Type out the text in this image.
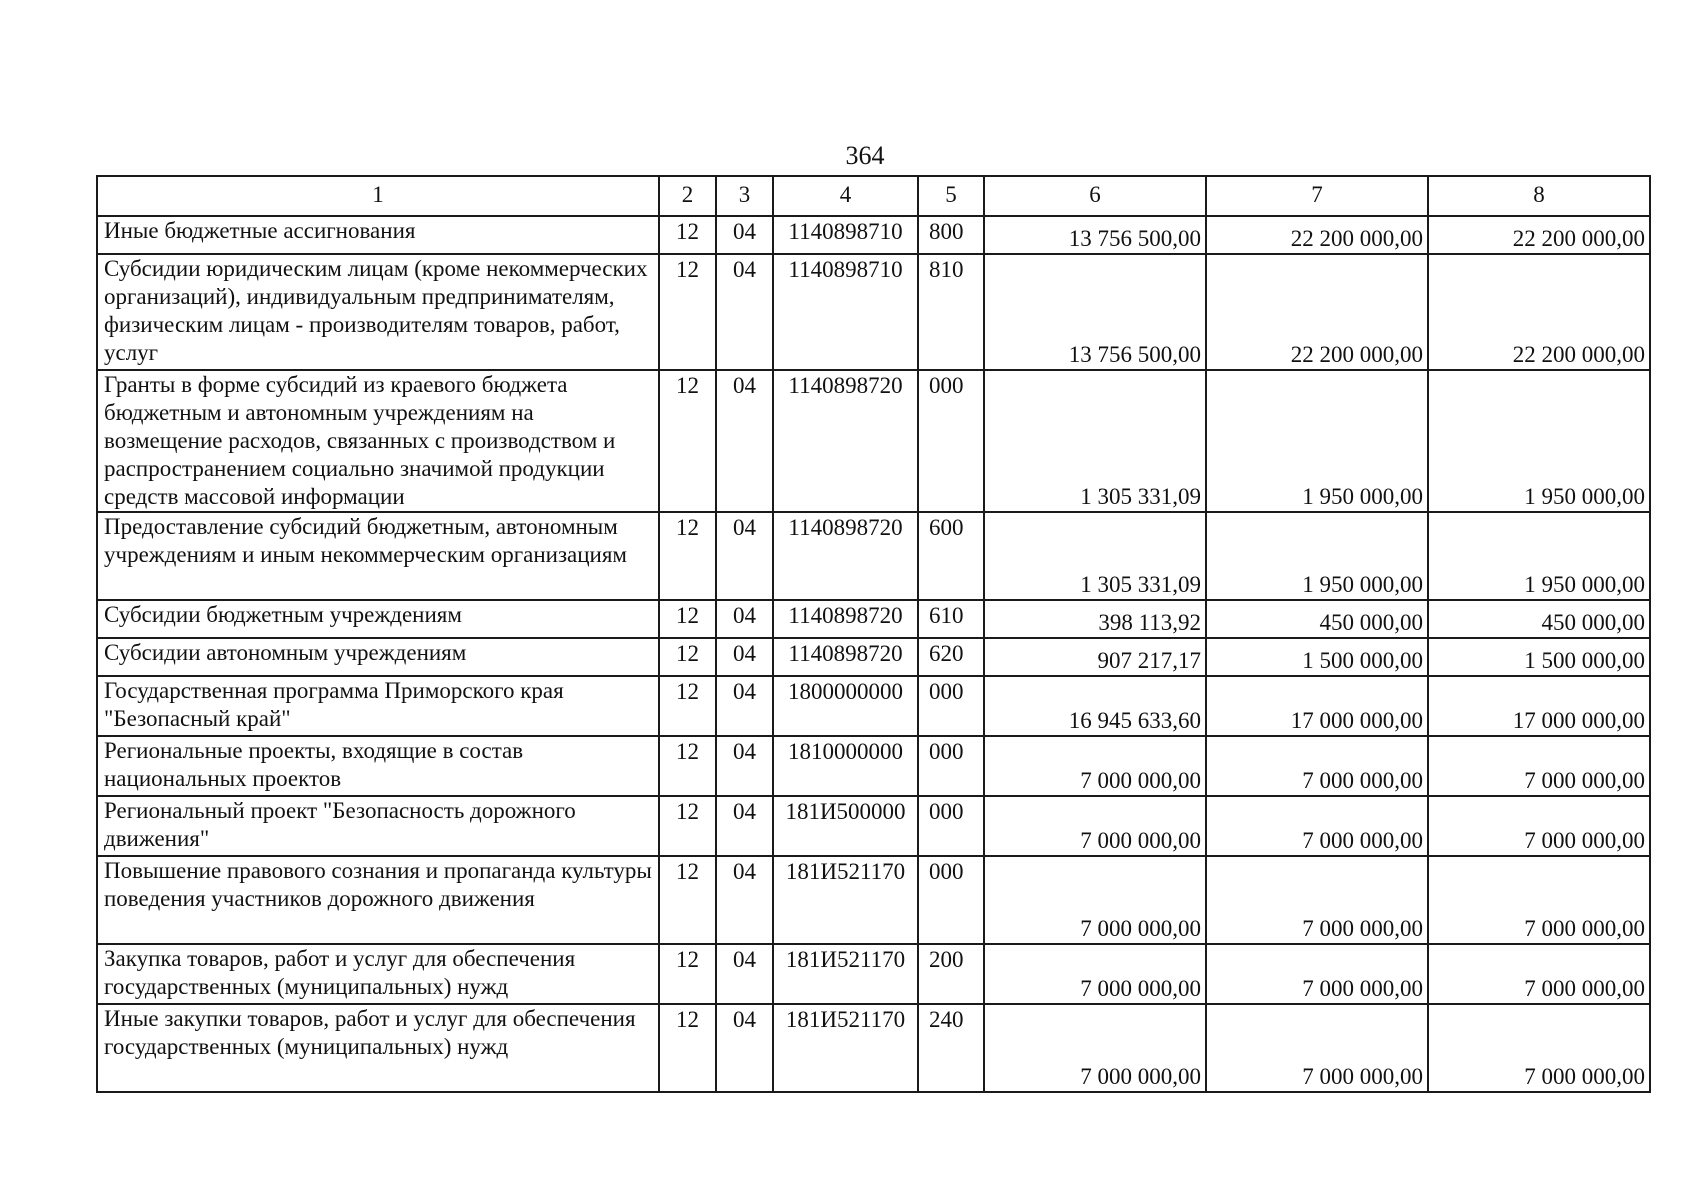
364
1	2	3	4	5	6	7	8
Иные бюджетные ассигнования	12	04	1140898710	800	13 756 500,00	22 200 000,00	22 200 000,00
Субсидии юридическим лицам (кроме некоммерческих организаций), индивидуальным предпринимателям, физическим лицам - производителям товаров, работ, услуг	12	04	1140898710	810	13 756 500,00	22 200 000,00	22 200 000,00
Гранты в форме субсидий из краевого бюджета бюджетным и автономным учреждениям на возмещение расходов, связанных с производством и распространением социально значимой продукции средств массовой информации	12	04	1140898720	000	1 305 331,09	1 950 000,00	1 950 000,00
Предоставление субсидий бюджетным, автономным учреждениям и иным некоммерческим организациям	12	04	1140898720	600	1 305 331,09	1 950 000,00	1 950 000,00
Субсидии бюджетным учреждениям	12	04	1140898720	610	398 113,92	450 000,00	450 000,00
Субсидии автономным учреждениям	12	04	1140898720	620	907 217,17	1 500 000,00	1 500 000,00
Государственная программа Приморского края "Безопасный край"	12	04	1800000000	000	16 945 633,60	17 000 000,00	17 000 000,00
Региональные проекты, входящие в состав национальных проектов	12	04	1810000000	000	7 000 000,00	7 000 000,00	7 000 000,00
Региональный проект "Безопасность дорожного движения"	12	04	181И500000	000	7 000 000,00	7 000 000,00	7 000 000,00
Повышение правового сознания и пропаганда культуры поведения участников дорожного движения	12	04	181И521170	000	7 000 000,00	7 000 000,00	7 000 000,00
Закупка товаров, работ и услуг для обеспечения государственных (муниципальных) нужд	12	04	181И521170	200	7 000 000,00	7 000 000,00	7 000 000,00
Иные закупки товаров, работ и услуг для обеспечения государственных (муниципальных) нужд	12	04	181И521170	240	7 000 000,00	7 000 000,00	7 000 000,00
